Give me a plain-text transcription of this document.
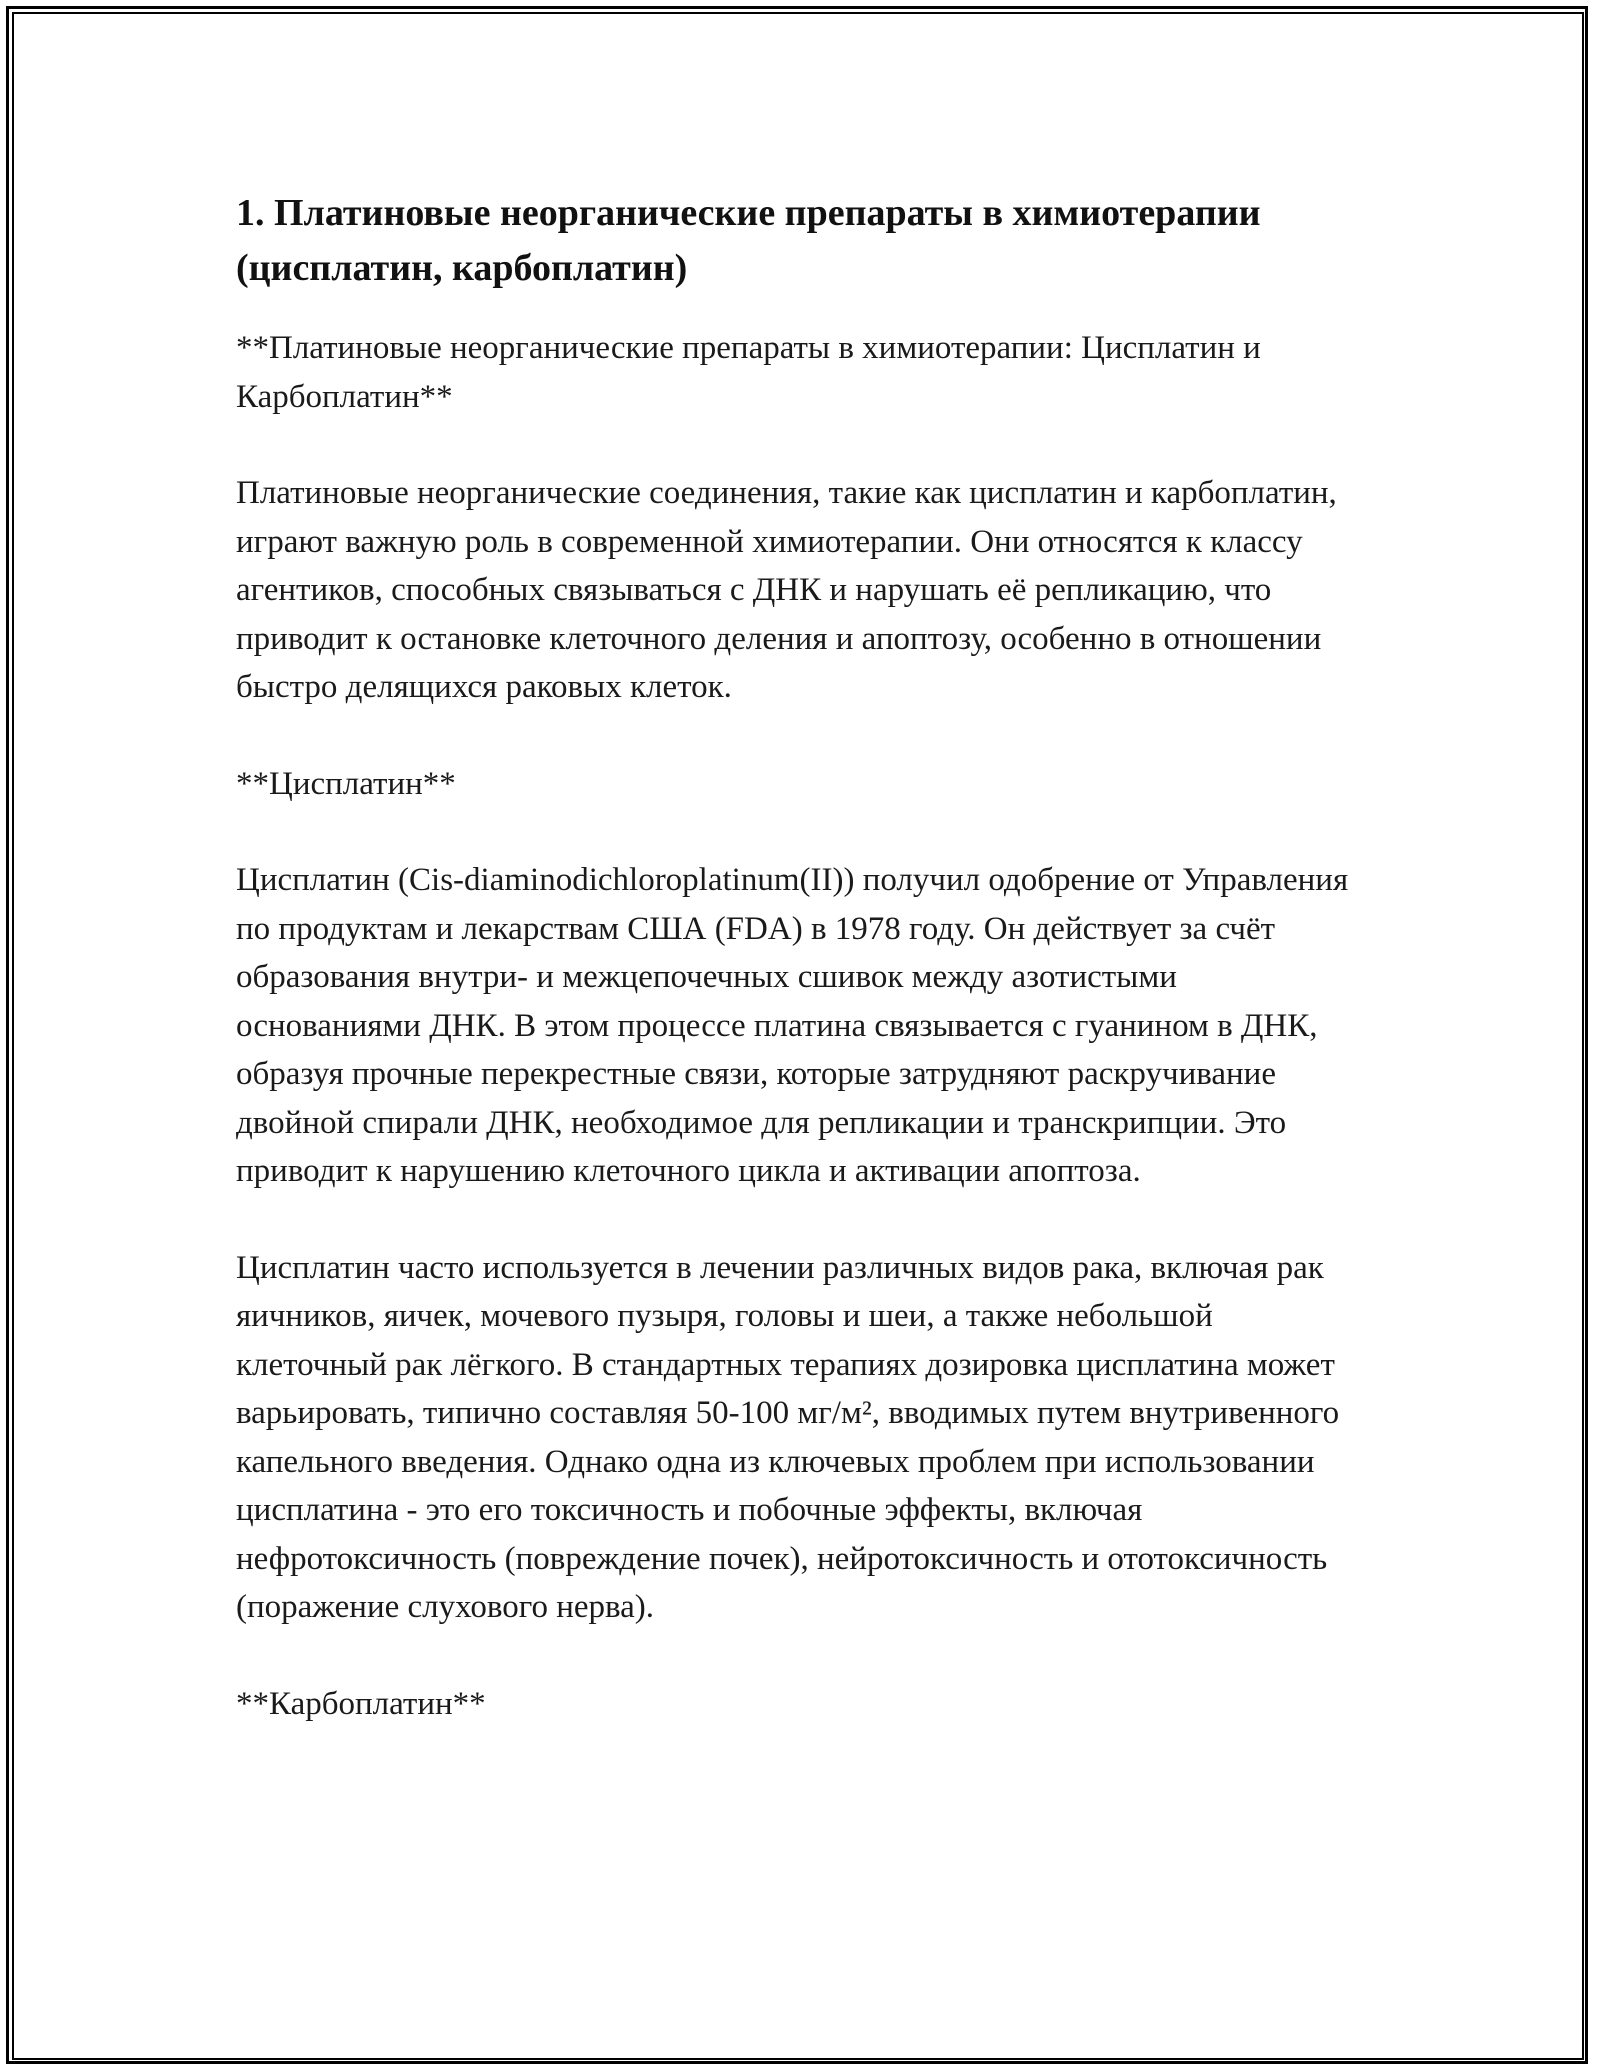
1. Платиновые неорганические препараты в химиотерапии (цисплатин, карбоплатин)

**Платиновые неорганические препараты в химиотерапии: Цисплатин и Карбоплатин**

Платиновые неорганические соединения, такие как цисплатин и карбоплатин, играют важную роль в современной химиотерапии. Они относятся к классу агентиков, способных связываться с ДНК и нарушать её репликацию, что приводит к остановке клеточного деления и апоптозу, особенно в отношении быстро делящихся раковых клеток.

**Цисплатин**

Цисплатин (Cis-diaminodichloroplatinum(II)) получил одобрение от Управления по продуктам и лекарствам США (FDA) в 1978 году. Он действует за счёт образования внутри- и межцепочечных сшивок между азотистыми основаниями ДНК. В этом процессе платина связывается с гуанином в ДНК, образуя прочные перекрестные связи, которые затрудняют раскручивание двойной спирали ДНК, необходимое для репликации и транскрипции. Это приводит к нарушению клеточного цикла и активации апоптоза.

Цисплатин часто используется в лечении различных видов рака, включая рак яичников, яичек, мочевого пузыря, головы и шеи, а также небольшой клеточный рак лёгкого. В стандартных терапиях дозировка цисплатина может варьировать, типично составляя 50-100 мг/м², вводимых путем внутривенного капельного введения. Однако одна из ключевых проблем при использовании цисплатина - это его токсичность и побочные эффекты, включая нефротоксичность (повреждение почек), нейротоксичность и ототоксичность (поражение слухового нерва).

**Карбоплатин**
